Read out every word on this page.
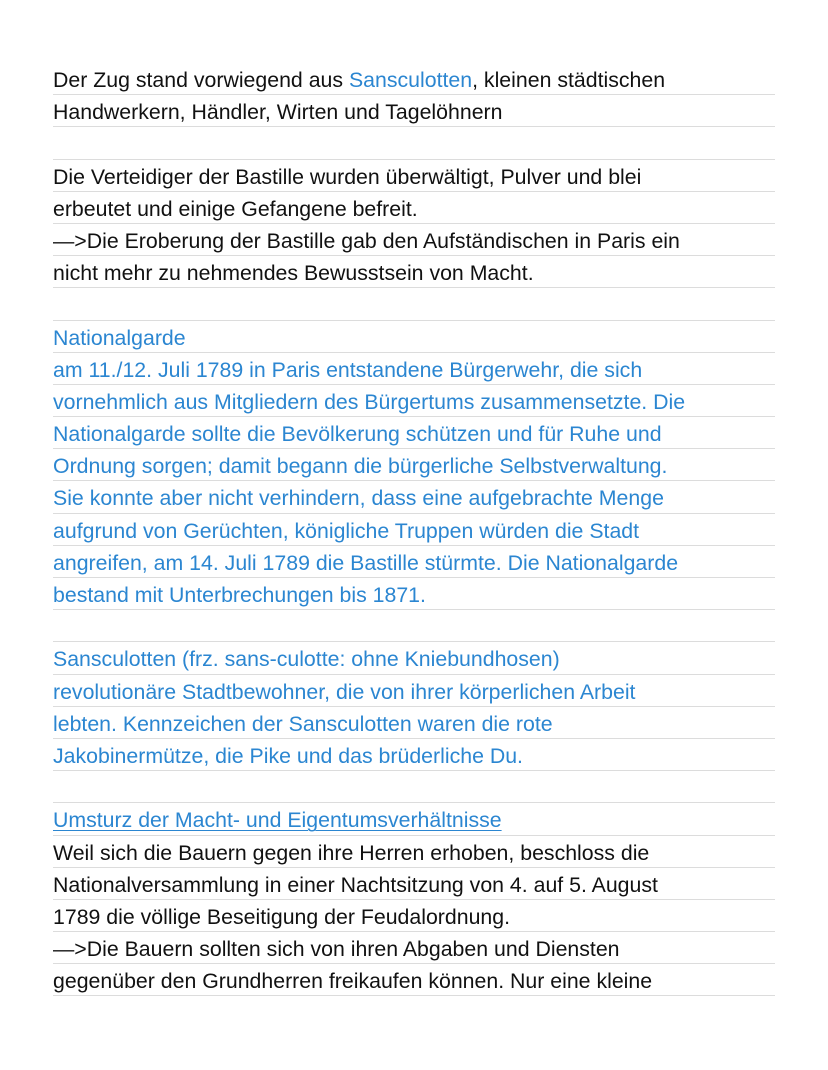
Der Zug stand vorwiegend aus Sansculotten, kleinen städtischen
Handwerkern, Händler, Wirten und Tagelöhnern
Die Verteidiger der Bastille wurden überwältigt, Pulver und blei
erbeutet und einige Gefangene befreit.
—>Die Eroberung der Bastille gab den Aufständischen in Paris ein
nicht mehr zu nehmendes Bewusstsein von Macht.
Nationalgarde
am 11./12. Juli 1789 in Paris entstandene Bürgerwehr, die sich
vornehmlich aus Mitgliedern des Bürgertums zusammensetzte. Die
Nationalgarde sollte die Bevölkerung schützen und für Ruhe und
Ordnung sorgen; damit begann die bürgerliche Selbstverwaltung.
Sie konnte aber nicht verhindern, dass eine aufgebrachte Menge
aufgrund von Gerüchten, königliche Truppen würden die Stadt
angreifen, am 14. Juli 1789 die Bastille stürmte. Die Nationalgarde
bestand mit Unterbrechungen bis 1871.
Sansculotten (frz. sans-culotte: ohne Kniebundhosen)
revolutionäre Stadtbewohner, die von ihrer körperlichen Arbeit
lebten. Kennzeichen der Sansculotten waren die rote
Jakobinermütze, die Pike und das brüderliche Du.
Umsturz der Macht- und Eigentumsverhältnisse
Weil sich die Bauern gegen ihre Herren erhoben, beschloss die
Nationalversammlung in einer Nachtsitzung von 4. auf 5. August
1789 die völlige Beseitigung der Feudalordnung.
—>Die Bauern sollten sich von ihren Abgaben und Diensten
gegenüber den Grundherren freikaufen können. Nur eine kleine
